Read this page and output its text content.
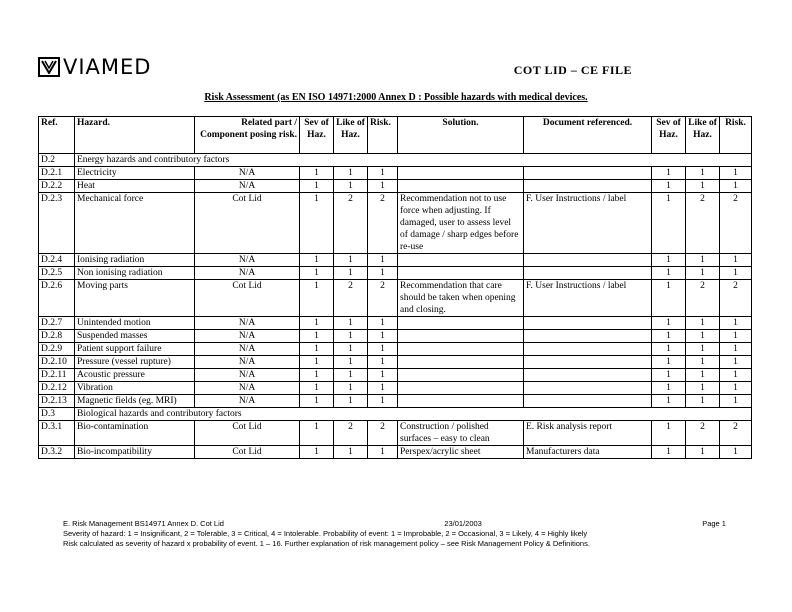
VIAMED	COT LID – CE FILE
Risk Assessment (as EN ISO 14971:2000 Annex D : Possible hazards with medical devices.
Ref.	Hazard.	Related part / Component posing risk.	Sev of Haz.	Like of Haz.	Risk.	Solution.	Document referenced.	Sev of Haz.	Like of Haz.	Risk.
D.2	Energy hazards and contributory factors									
D.2.1	Electricity	N/A	1	1	1			1	1	1
D.2.2	Heat	N/A	1	1	1			1	1	1
D.2.3	Mechanical force	Cot Lid	1	2	2	Recommendation not to use force when adjusting. If damaged, user to assess level of damage / sharp edges before re-use	F. User Instructions / label	1	2	2
D.2.4	Ionising radiation	N/A	1	1	1			1	1	1
D.2.5	Non ionising radiation	N/A	1	1	1			1	1	1
D.2.6	Moving parts	Cot Lid	1	2	2	Recommendation that care should be taken when opening and closing.	F. User Instructions / label	1	2	2
D.2.7	Unintended motion	N/A	1	1	1			1	1	1
D.2.8	Suspended masses	N/A	1	1	1			1	1	1
D.2.9	Patient support failure	N/A	1	1	1			1	1	1
D.2.10	Pressure (vessel rupture)	N/A	1	1	1			1	1	1
D.2.11	Acoustic pressure	N/A	1	1	1			1	1	1
D.2.12	Vibration	N/A	1	1	1			1	1	1
D.2.13	Magnetic fields (eg. MRI)	N/A	1	1	1			1	1	1
D.3	Biological hazards and contributory factors									
D.3.1	Bio-contamination	Cot Lid	1	2	2	Construction / polished surfaces – easy to clean	E. Risk analysis report	1	2	2
D.3.2	Bio-incompatibility	Cot Lid	1	1	1	Perspex/acrylic sheet	Manufacturers data	1	1	1
E. Risk Management BS14971 Annex D. Cot Lid	23/01/2003	Page 1
Severity of hazard: 1 = Insignificant, 2 = Tolerable, 3 = Critical, 4 = Intolerable. Probability of event: 1 = Improbable, 2 = Occasional, 3 = Likely, 4 = Highly likely
Risk calculated as severity of hazard x probability of event. 1 – 16. Further explanation of risk management policy – see Risk Management Policy & Definitions.
